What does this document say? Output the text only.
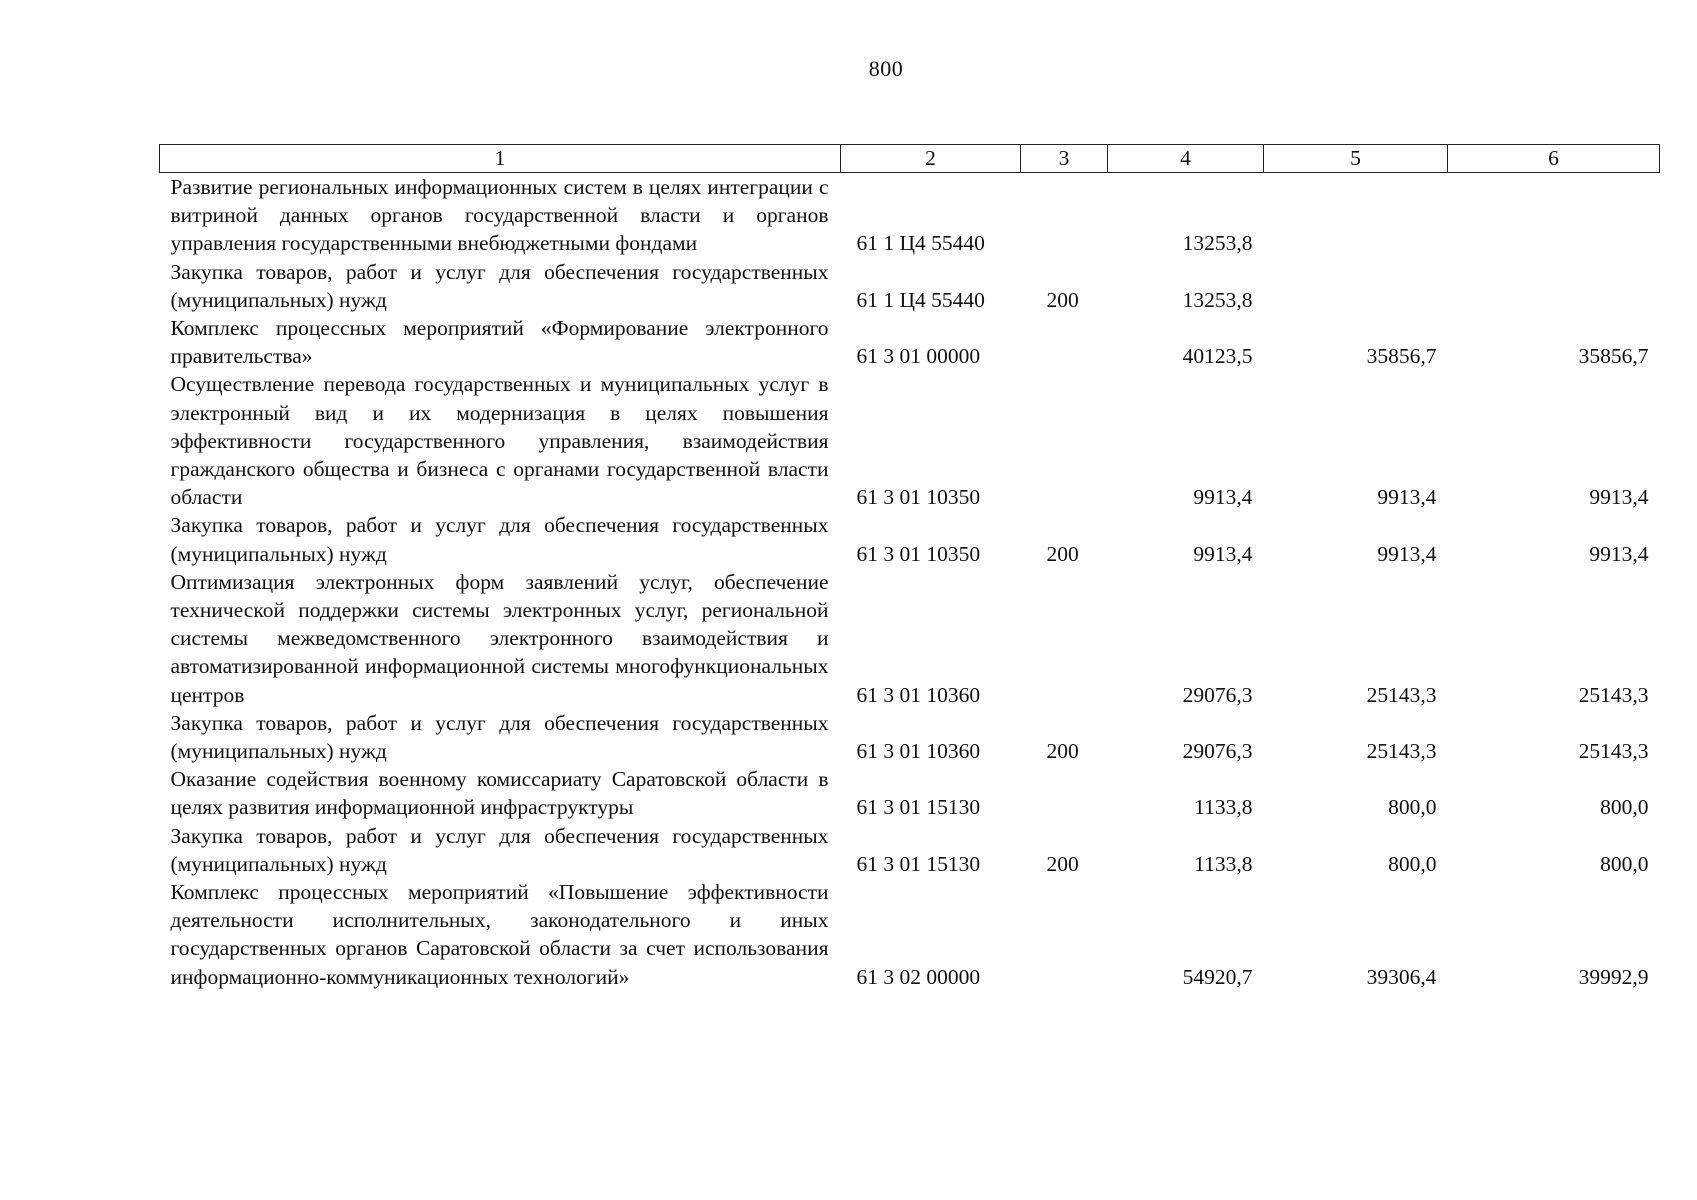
800
1	2	3	4	5	6
Развитие региональных информационных систем в целях интеграции с витриной данных органов государственной власти и органов управления государственными внебюджетными фондами	61 1 Ц4 55440		13253,8		
Закупка товаров, работ и услуг для обеспечения государственных (муниципальных) нужд	61 1 Ц4 55440	200	13253,8		
Комплекс процессных мероприятий «Формирование электронного правительства»	61 3 01 00000		40123,5	35856,7	35856,7
Осуществление перевода государственных и муниципальных услуг в электронный вид и их модернизация в целях повышения эффективности государственного управления, взаимодействия гражданского общества и бизнеса с органами государственной власти области	61 3 01 10350		9913,4	9913,4	9913,4
Закупка товаров, работ и услуг для обеспечения государственных (муниципальных) нужд	61 3 01 10350	200	9913,4	9913,4	9913,4
Оптимизация электронных форм заявлений услуг, обеспечение технической поддержки системы электронных услуг, региональной системы межведомственного электронного взаимодействия и автоматизированной информационной системы многофункциональных центров	61 3 01 10360		29076,3	25143,3	25143,3
Закупка товаров, работ и услуг для обеспечения государственных (муниципальных) нужд	61 3 01 10360	200	29076,3	25143,3	25143,3
Оказание содействия военному комиссариату Саратовской области в целях развития информационной инфраструктуры	61 3 01 15130		1133,8	800,0	800,0
Закупка товаров, работ и услуг для обеспечения государственных (муниципальных) нужд	61 3 01 15130	200	1133,8	800,0	800,0
Комплекс процессных мероприятий «Повышение эффективности деятельности исполнительных, законодательного и иных государственных органов Саратовской области за счет использования информационно-коммуникационных технологий»	61 3 02 00000		54920,7	39306,4	39992,9
